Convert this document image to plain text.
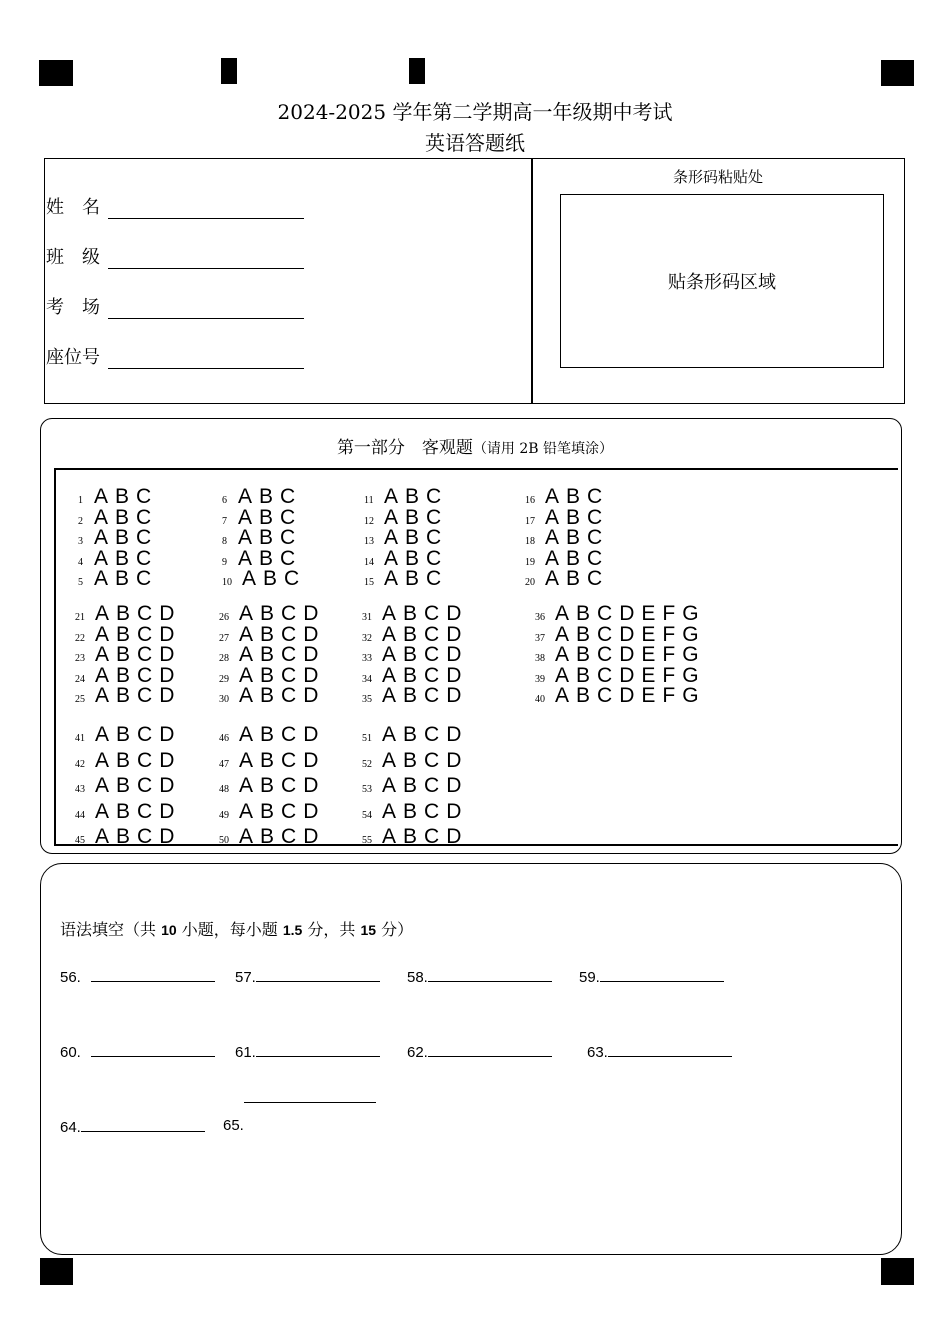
2024-2025 学年第二学期高一年级期中考试
英语答题纸
姓　名
班　级
考　场
座位号
条形码粘贴处
贴条形码区域
第一部分　客观题（请用 2B 铅笔填涂）
1 A B C
2 A B C
3 A B C
4 A B C
5 A B C
6 A B C
7 A B C
8 A B C
9 A B C
10 A B C
11 A B C
12 A B C
13 A B C
14 A B C
15 A B C
16 A B C
17 A B C
18 A B C
19 A B C
20 A B C
21 A B C D
22 A B C D
23 A B C D
24 A B C D
25 A B C D
26 A B C D
27 A B C D
28 A B C D
29 A B C D
30 A B C D
31 A B C D
32 A B C D
33 A B C D
34 A B C D
35 A B C D
36 A B C D E F G
37 A B C D E F G
38 A B C D E F G
39 A B C D E F G
40 A B C D E F G
41 A B C D
42 A B C D
43 A B C D
44 A B C D
45 A B C D
46 A B C D
47 A B C D
48 A B C D
49 A B C D
50 A B C D
51 A B C D
52 A B C D
53 A B C D
54 A B C D
55 A B C D
语法填空（共 10 小题，每小题 1.5 分，共 15 分）
56.	57.	58.	59.
60.	61.	62.	63.
64.	65.
